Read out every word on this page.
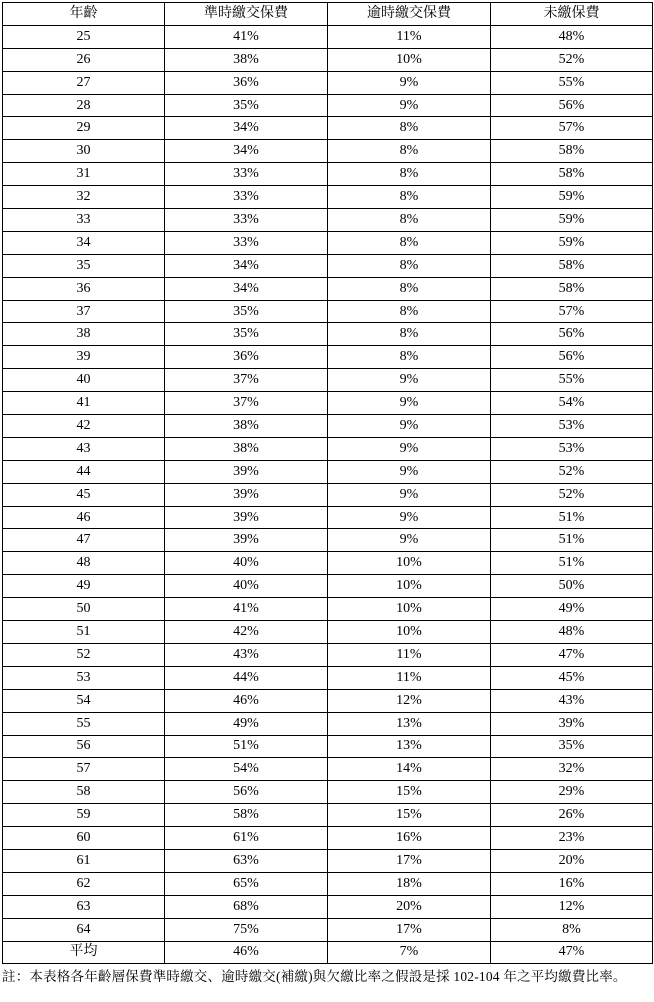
年齡	準時繳交保費	逾時繳交保費	未繳保費
25	41%	11%	48%
26	38%	10%	52%
27	36%	9%	55%
28	35%	9%	56%
29	34%	8%	57%
30	34%	8%	58%
31	33%	8%	58%
32	33%	8%	59%
33	33%	8%	59%
34	33%	8%	59%
35	34%	8%	58%
36	34%	8%	58%
37	35%	8%	57%
38	35%	8%	56%
39	36%	8%	56%
40	37%	9%	55%
41	37%	9%	54%
42	38%	9%	53%
43	38%	9%	53%
44	39%	9%	52%
45	39%	9%	52%
46	39%	9%	51%
47	39%	9%	51%
48	40%	10%	51%
49	40%	10%	50%
50	41%	10%	49%
51	42%	10%	48%
52	43%	11%	47%
53	44%	11%	45%
54	46%	12%	43%
55	49%	13%	39%
56	51%	13%	35%
57	54%	14%	32%
58	56%	15%	29%
59	58%	15%	26%
60	61%	16%	23%
61	63%	17%	20%
62	65%	18%	16%
63	68%	20%	12%
64	75%	17%	8%
平均	46%	7%	47%
註：本表格各年齡層保費準時繳交、逾時繳交(補繳)與欠繳比率之假設是採 102-104 年之平均繳費比率。
